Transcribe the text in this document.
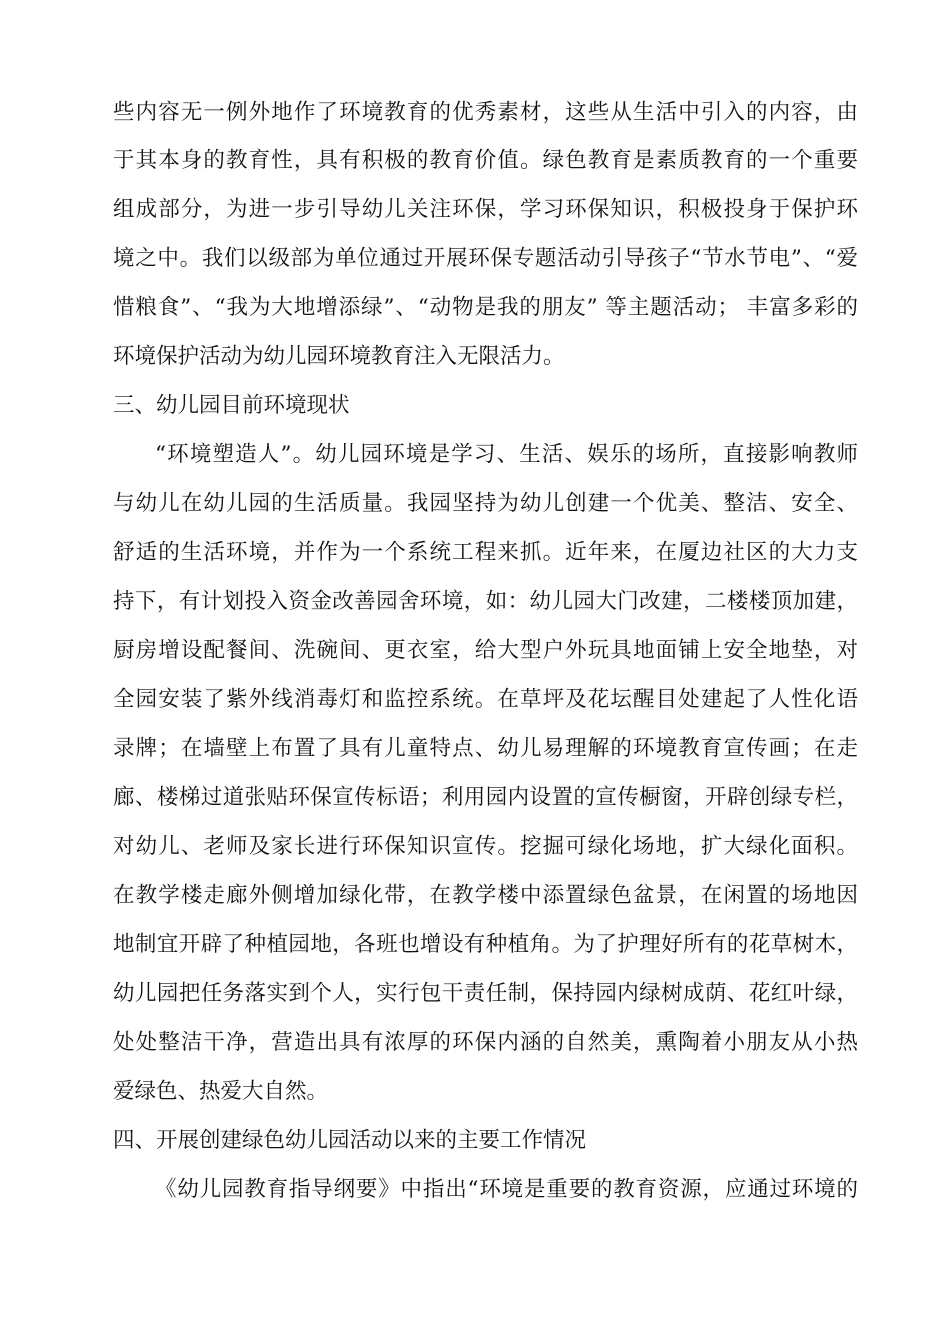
些内容无一例外地作了环境教育的优秀素材，这些从生活中引入的内容，由
于其本身的教育性，具有积极的教育价值。绿色教育是素质教育的一个重要
组成部分，为进一步引导幼儿关注环保，学习环保知识，积极投身于保护环
境之中。我们以级部为单位通过开展环保专题活动引导孩子“节水节电”、“爱
惜粮食”、“我为大地增添绿”、“动物是我的朋友” 等主题活动； 丰富多彩的
环境保护活动为幼儿园环境教育注入无限活力。
三、幼儿园目前环境现状
“环境塑造人”。幼儿园环境是学习、生活、娱乐的场所，直接影响教师
与幼儿在幼儿园的生活质量。我园坚持为幼儿创建一个优美、整洁、安全、
舒适的生活环境，并作为一个系统工程来抓。近年来，在厦边社区的大力支
持下，有计划投入资金改善园舍环境，如：幼儿园大门改建，二楼楼顶加建，
厨房增设配餐间、洗碗间、更衣室，给大型户外玩具地面铺上安全地垫，对
全园安装了紫外线消毒灯和监控系统。在草坪及花坛醒目处建起了人性化语
录牌；在墙壁上布置了具有儿童特点、幼儿易理解的环境教育宣传画；在走
廊、楼梯过道张贴环保宣传标语；利用园内设置的宣传橱窗，开辟创绿专栏，
对幼儿、老师及家长进行环保知识宣传。挖掘可绿化场地，扩大绿化面积。
在教学楼走廊外侧增加绿化带，在教学楼中添置绿色盆景，在闲置的场地因
地制宜开辟了种植园地，各班也增设有种植角。为了护理好所有的花草树木，
幼儿园把任务落实到个人，实行包干责任制，保持园内绿树成荫、花红叶绿，
处处整洁干净，营造出具有浓厚的环保内涵的自然美，熏陶着小朋友从小热
爱绿色、热爱大自然。
四、开展创建绿色幼儿园活动以来的主要工作情况
《幼儿园教育指导纲要》中指出“环境是重要的教育资源，应通过环境的
